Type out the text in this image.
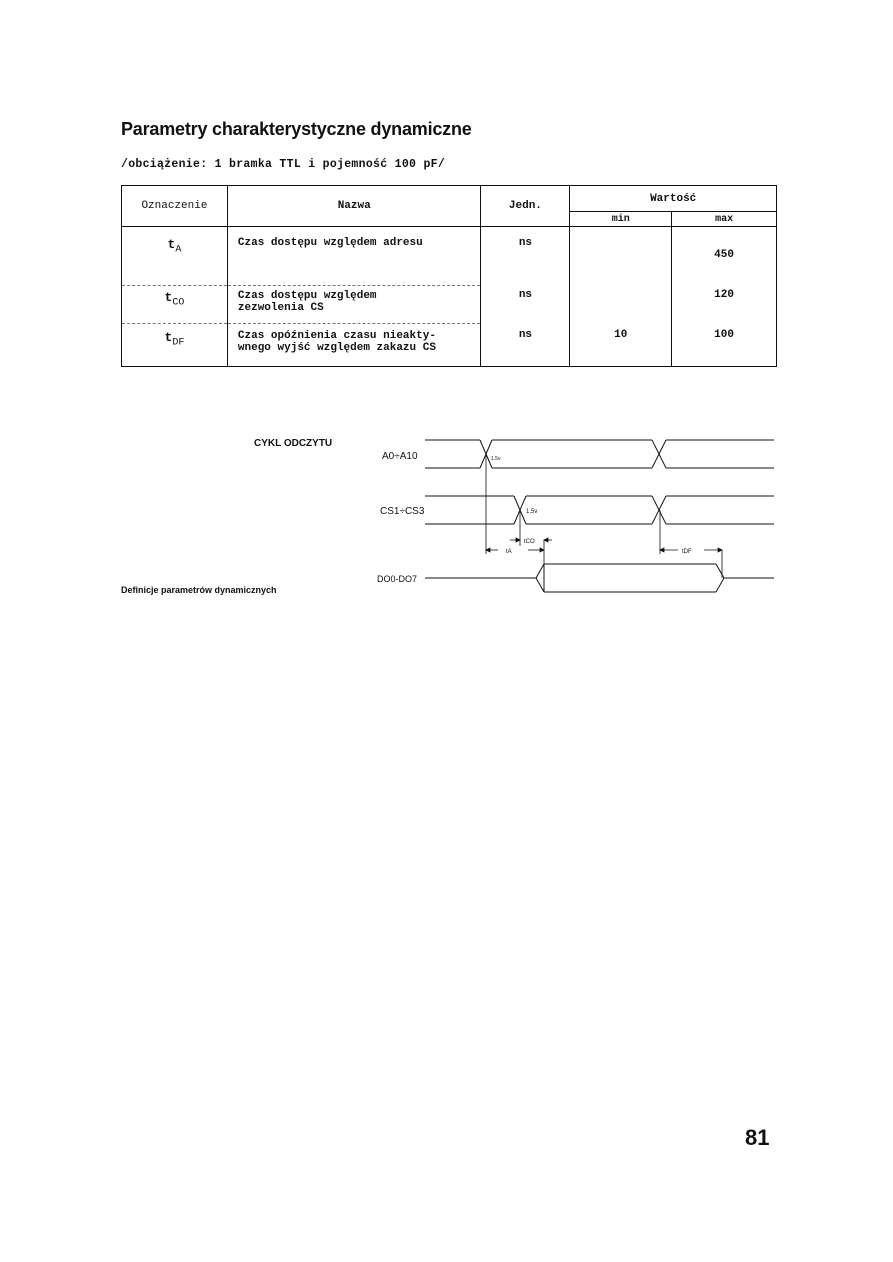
Parametry charakterystyczne dynamiczne
/obciążenie: 1 bramka TTL i pojemność 100 pF/
Oznaczenie	Nazwa	Jedn.	Wartość	
			min	max
$t_A$	Czas dostępu względem adresu	ns		450
$t_{CO}$	Czas dostępu względem
zezwolenia CS	ns		120
$t_{DF}$	Czas opóźnienia czasu nieakty-
wnego wyjść względem zakazu CS	ns	10	100
CYKL ODCZYTU
Definicje parametrów dynamicznych
A0÷A10
CS1÷CS3
DO0-DO7
1.5v
1,5v
tCO
tA	tDF
81
